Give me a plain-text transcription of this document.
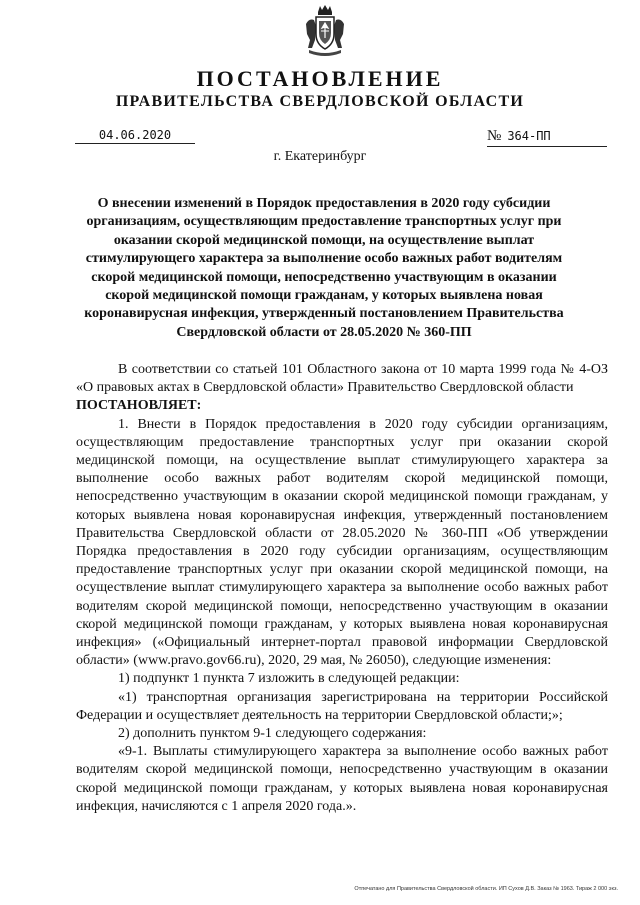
ПОСТАНОВЛЕНИЕ
ПРАВИТЕЛЬСТВА СВЕРДЛОВСКОЙ ОБЛАСТИ
04.06.2020	№ 364-ПП
г. Екатеринбург

О внесении изменений в Порядок предоставления в 2020 году субсидии организациям, осуществляющим предоставление транспортных услуг при оказании скорой медицинской помощи, на осуществление выплат стимулирующего характера за выполнение особо важных работ водителям скорой медицинской помощи, непосредственно участвующим в оказании скорой медицинской помощи гражданам, у которых выявлена новая коронавирусная инфекция, утвержденный постановлением Правительства Свердловской области от 28.05.2020 № 360-ПП

В соответствии со статьей 101 Областного закона от 10 марта 1999 года № 4-ОЗ «О правовых актах в Свердловской области» Правительство Свердловской области

ПОСТАНОВЛЯЕТ:

1. Внести в Порядок предоставления в 2020 году субсидии организациям, осуществляющим предоставление транспортных услуг при оказании скорой медицинской помощи, на осуществление выплат стимулирующего характера за выполнение особо важных работ водителям скорой медицинской помощи, непосредственно участвующим в оказании скорой медицинской помощи гражданам, у которых выявлена новая коронавирусная инфекция, утвержденный постановлением Правительства Свердловской области от 28.05.2020 № 360-ПП «Об утверждении Порядка предоставления в 2020 году субсидии организациям, осуществляющим предоставление транспортных услуг при оказании скорой медицинской помощи, на осуществление выплат стимулирующего характера за выполнение особо важных работ водителям скорой медицинской помощи, непосредственно участвующим в оказании скорой медицинской помощи гражданам, у которых выявлена новая коронавирусная инфекция» («Официальный интернет-портал правовой информации Свердловской области» (www.pravo.gov66.ru), 2020, 29 мая, № 26050), следующие изменения:

1) подпункт 1 пункта 7 изложить в следующей редакции:

«1) транспортная организация зарегистрирована на территории Российской Федерации и осуществляет деятельность на территории Свердловской области;»;

2) дополнить пунктом 9-1 следующего содержания:

«9-1. Выплаты стимулирующего характера за выполнение особо важных работ водителям скорой медицинской помощи, непосредственно участвующим в оказании скорой медицинской помощи гражданам, у которых выявлена новая коронавирусная инфекция, начисляются с 1 апреля 2020 года.».

Отпечатано для Правительства Свердловской области. ИП Сухов Д.В. Заказ № 1963. Тираж 2 000 экз.
